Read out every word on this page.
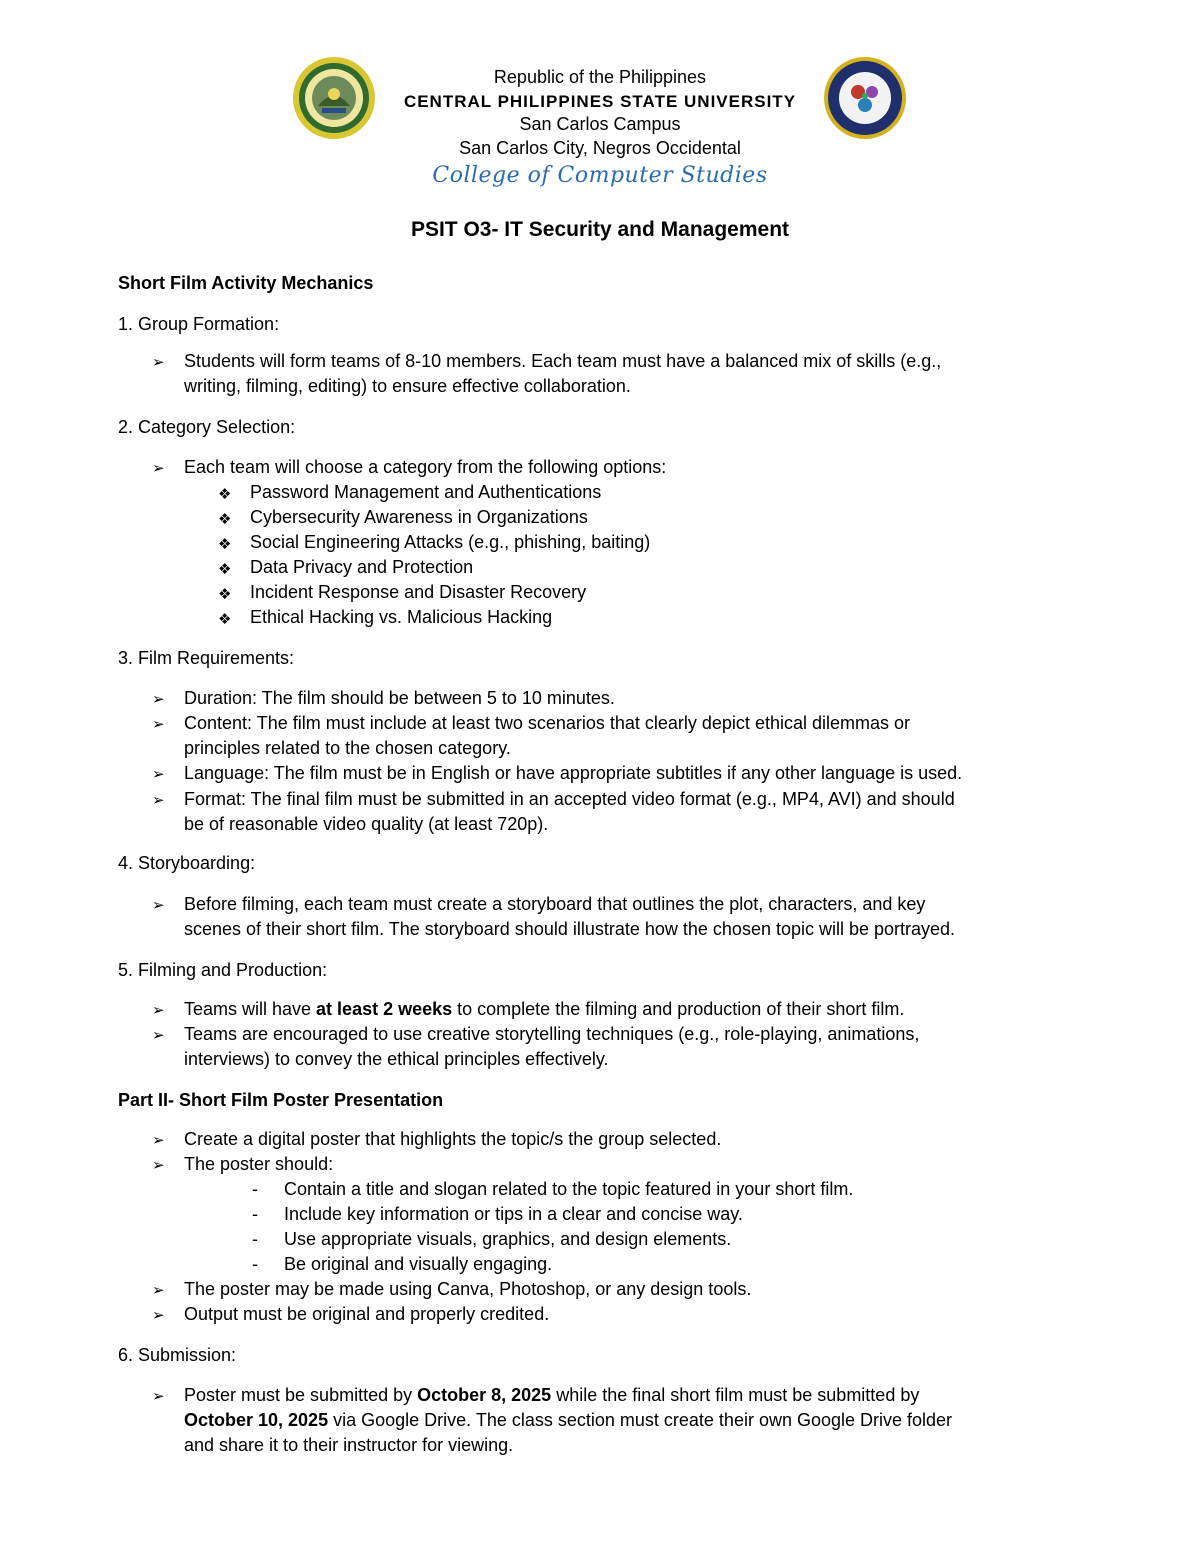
Republic of the Philippines
CENTRAL PHILIPPINES STATE UNIVERSITY
San Carlos Campus
San Carlos City, Negros Occidental
College of Computer Studies
PSIT O3- IT Security and Management
Short Film Activity Mechanics
1. Group Formation:
➢ Students will form teams of 8-10 members. Each team must have a balanced mix of skills (e.g.,
writing, filming, editing) to ensure effective collaboration.
2. Category Selection:
➢ Each team will choose a category from the following options:
❖ Password Management and Authentications
❖ Cybersecurity Awareness in Organizations
❖ Social Engineering Attacks (e.g., phishing, baiting)
❖ Data Privacy and Protection
❖ Incident Response and Disaster Recovery
❖ Ethical Hacking vs. Malicious Hacking
3. Film Requirements:
➢ Duration: The film should be between 5 to 10 minutes.
➢ Content: The film must include at least two scenarios that clearly depict ethical dilemmas or
principles related to the chosen category.
➢ Language: The film must be in English or have appropriate subtitles if any other language is used.
➢ Format: The final film must be submitted in an accepted video format (e.g., MP4, AVI) and should
be of reasonable video quality (at least 720p).
4. Storyboarding:
➢ Before filming, each team must create a storyboard that outlines the plot, characters, and key
scenes of their short film. The storyboard should illustrate how the chosen topic will be portrayed.
5. Filming and Production:
➢ Teams will have at least 2 weeks to complete the filming and production of their short film.
➢ Teams are encouraged to use creative storytelling techniques (e.g., role-playing, animations,
interviews) to convey the ethical principles effectively.
Part II- Short Film Poster Presentation
➢ Create a digital poster that highlights the topic/s the group selected.
➢ The poster should:
- Contain a title and slogan related to the topic featured in your short film.
- Include key information or tips in a clear and concise way.
- Use appropriate visuals, graphics, and design elements.
- Be original and visually engaging.
➢ The poster may be made using Canva, Photoshop, or any design tools.
➢ Output must be original and properly credited.
6. Submission:
➢ Poster must be submitted by October 8, 2025 while the final short film must be submitted by
October 10, 2025 via Google Drive. The class section must create their own Google Drive folder
and share it to their instructor for viewing.
